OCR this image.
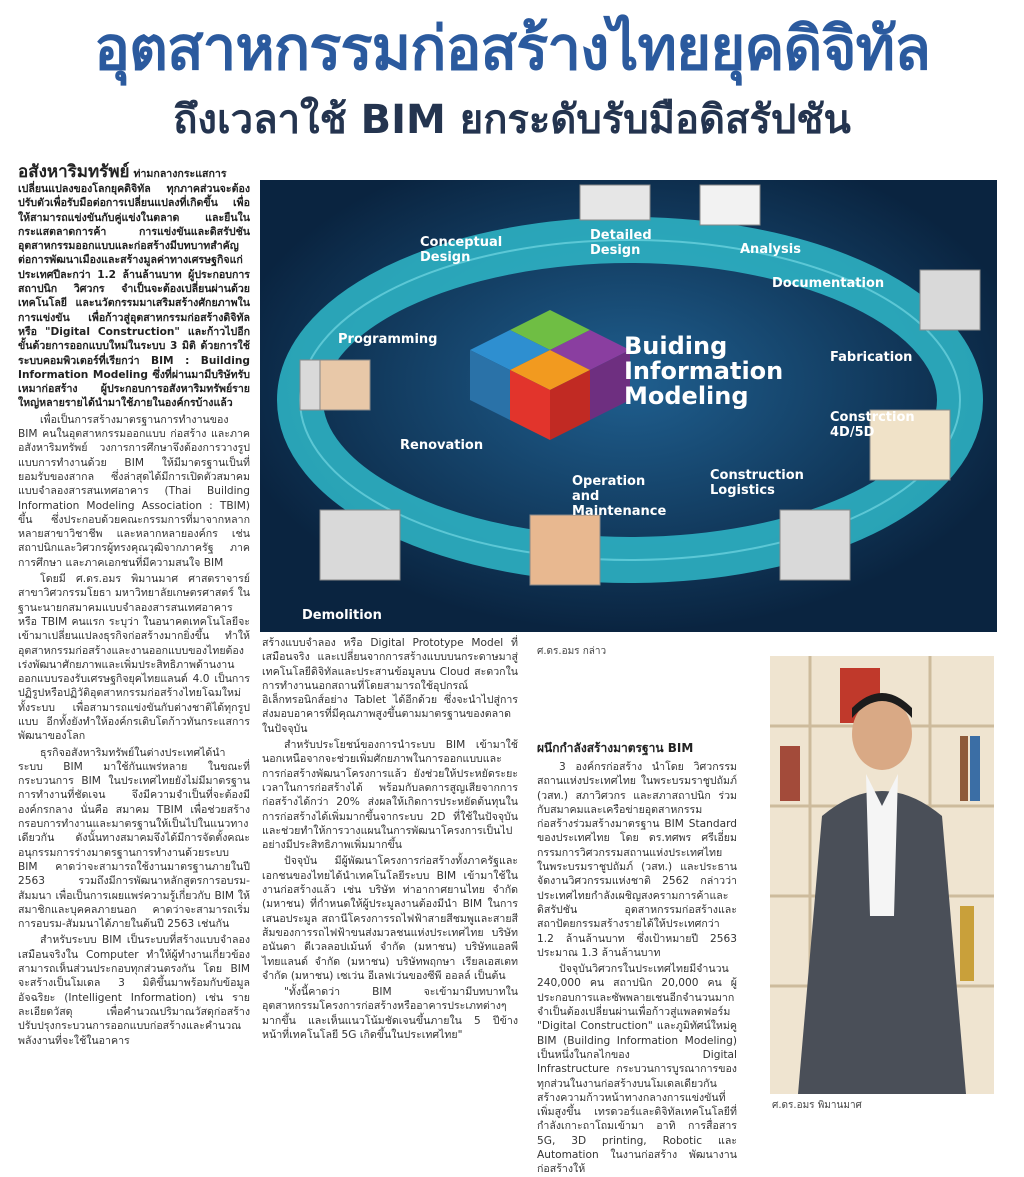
อุตสาหกรรมก่อสร้างไทยยุคดิจิทัล
ถึงเวลาใช้ BIM ยกระดับรับมือดิสรัปชัน

อสังหาริมทรัพย์ ท่ามกลางกระแสการเปลี่ยนแปลงของโลกยุคดิจิทัล ทุกภาคส่วนจะต้องปรับตัวเพื่อรับมือต่อการเปลี่ยนแปลงที่เกิดขึ้น เพื่อให้สามารถแข่งขันกับคู่แข่งในตลาด และยืนในกระแสตลาดการค้า การแข่งขันและดิสรัปชัน อุตสาหกรรมออกแบบและก่อสร้างมีบทบาทสำคัญต่อการพัฒนาเมืองและสร้างมูลค่าทางเศรษฐกิจแก่ประเทศปีละกว่า 1.2 ล้านล้านบาท ผู้ประกอบการ สถาปนิก วิศวกร จำเป็นจะต้องเปลี่ยนผ่านด้วยเทคโนโลยี และนวัตกรรมมาเสริมสร้างศักยภาพในการแข่งขัน เพื่อก้าวสู่อุตสาหกรรมก่อสร้างดิจิทัล หรือ "Digital Construction" และก้าวไปอีกขั้นด้วยการออกแบบใหม่ในระบบ 3 มิติ ด้วยการใช้ระบบคอมพิวเตอร์ที่เรียกว่า BIM : Building Information Modeling ซึ่งที่ผ่านมามีบริษัทรับเหมาก่อสร้าง ผู้ประกอบการอสังหาริมทรัพย์รายใหญ่หลายรายได้นำมาใช้ภายในองค์กรบ้างแล้ว

เพื่อเป็นการสร้างมาตรฐานการทำงานของ BIM คนในอุตสาหกรรมออกแบบ ก่อสร้าง และภาคอสังหาริมทรัพย์ วงการการศึกษาจึงต้องการวางรูปแบบการทำงานด้วย BIM ให้มีมาตรฐานเป็นที่ยอมรับของสากล ซึ่งล่าสุดได้มีการเปิดตัวสมาคมแบบจำลองสารสนเทศอาคาร (Thai Building Information Modeling Association : TBIM) ขึ้น ซึ่งประกอบด้วยคณะกรรมการที่มาจากหลากหลายสาขาวิชาชีพ และหลากหลายองค์กร เช่น สถาปนิกและวิศวกรผู้ทรงคุณวุฒิจากภาครัฐ ภาคการศึกษา และภาคเอกชนที่มีความสนใจ BIM

โดยมี ศ.ดร.อมร พิมานมาศ ศาสตราจารย์สาขาวิศวกรรมโยธา มหาวิทยาลัยเกษตรศาสตร์ ในฐานะนายกสมาคมแบบจำลองสารสนเทศอาคาร หรือ TBIM คนแรก ระบุว่า ในอนาคตเทคโนโลยีจะเข้ามาเปลี่ยนแปลงธุรกิจก่อสร้างมากยิ่งขึ้น ทำให้อุตสาหกรรมก่อสร้างและงานออกแบบของไทยต้องเร่งพัฒนาศักยภาพและเพิ่มประสิทธิภาพด้านงานออกแบบรองรับเศรษฐกิจยุคไทยแลนด์ 4.0 เป็นการปฏิรูปหรือปฏิวัติอุตสาหกรรมก่อสร้างไทยโฉมใหม่ทั้งระบบ เพื่อสามารถแข่งขันกับต่างชาติได้ทุกรูปแบบ อีกทั้งยังทำให้องค์กรเติบโตก้าวทันกระแสการพัฒนาของโลก

ธุรกิจอสังหาริมทรัพย์ในต่างประเทศได้นำระบบ BIM มาใช้กันแพร่หลาย ในขณะที่กระบวนการ BIM ในประเทศไทยยังไม่มีมาตรฐานการทำงานที่ชัดเจน จึงมีความจำเป็นที่จะต้องมีองค์กรกลาง นั่นคือ สมาคม TBIM เพื่อช่วยสร้างกรอบการทำงานและมาตรฐานให้เป็นไปในแนวทางเดียวกัน ดังนั้นทางสมาคมจึงได้มีการจัดตั้งคณะอนุกรรมการร่างมาตรฐานการทำงานด้วยระบบ BIM คาดว่าจะสามารถใช้งานมาตรฐานภายในปี 2563 รวมถึงมีการพัฒนาหลักสูตรการอบรม-สัมมนา เพื่อเป็นการเผยแพร่ความรู้เกี่ยวกับ BIM ให้สมาชิกและบุคคลภายนอก คาดว่าจะสามารถเริ่มการอบรม-สัมมนาได้ภายในต้นปี 2563 เช่นกัน

สำหรับระบบ BIM เป็นระบบที่สร้างแบบจำลองเสมือนจริงใน Computer ทำให้ผู้ทำงานเกี่ยวข้องสามารถเห็นส่วนประกอบทุกส่วนตรงกัน โดย BIM จะสร้างเป็นโมเดล 3 มิติขึ้นมาพร้อมกับข้อมูลอัจฉริยะ (Intelligent Information) เช่น รายละเอียดวัสดุ เพื่อคำนวณปริมาณวัสดุก่อสร้าง ปรับปรุงกระบวนการออกแบบก่อสร้างและคำนวณพลังงานที่จะใช้ในอาคาร

Buiding
Information
Modeling
Conceptual
Design
Detailed
Design	Analysis
Documentation
Fabrication
Constrction
4D/5D
Construction
Logistics
Operation
and
Maintenance
Renovation
Programming
Demolition

สร้างแบบจำลอง หรือ Digital Prototype Model ที่เสมือนจริง และเปลี่ยนจากการสร้างแบบบนกระดาษมาสู่เทคโนโลยีดิจิทัลและประสานข้อมูลบน Cloud สะดวกในการทำงานนอกสถานที่โดยสามารถใช้อุปกรณ์อิเล็กทรอนิกส์อย่าง Tablet ได้อีกด้วย ซึ่งจะนำไปสู่การส่งมอบอาคารที่มีคุณภาพสูงขึ้นตามมาตรฐานของตลาดในปัจจุบัน

สำหรับประโยชน์ของการนำระบบ BIM เข้ามาใช้นอกเหนือจากจะช่วยเพิ่มศักยภาพในการออกแบบและการก่อสร้างพัฒนาโครงการแล้ว ยังช่วยให้ประหยัดระยะเวลาในการก่อสร้างได้ พร้อมกับลดการสูญเสียจากการก่อสร้างได้กว่า 20% ส่งผลให้เกิดการประหยัดต้นทุนในการก่อสร้างได้เพิ่มมากขึ้นจากระบบ 2D ที่ใช้ในปัจจุบัน และช่วยทำให้การวางแผนในการพัฒนาโครงการเป็นไปอย่างมีประสิทธิภาพเพิ่มมากขึ้น

ปัจจุบัน มีผู้พัฒนาโครงการก่อสร้างทั้งภาครัฐและเอกชนของไทยได้นำเทคโนโลยีระบบ BIM เข้ามาใช้ในงานก่อสร้างแล้ว เช่น บริษัท ท่าอากาศยานไทย จำกัด (มหาชน) ที่กำหนดให้ผู้ประมูลงานต้องมีนำ BIM ในการเสนอประมูล สถานีโครงการรถไฟฟ้าสายสีชมพูและสายสีส้มของการรถไฟฟ้าขนส่งมวลชนแห่งประเทศไทย บริษัทอนันดา ดีเวลลอปเม้นท์ จำกัด (มหาชน) บริษัทแอลพี ไทยแลนด์ จำกัด (มหาชน) บริษัทพฤกษา เรียลเอสเตท จำกัด (มหาชน) เซเว่น อีเลฟเว่นของซีพี ออลล์ เป็นต้น

"ทั้งนี้คาดว่า BIM จะเข้ามามีบทบาทในอุตสาหกรรมโครงการก่อสร้างหรืออาคารประเภทต่างๆ มากขึ้น และเห็นแนวโน้มชัดเจนขึ้นภายใน 5 ปีข้างหน้าที่เทคโนโลยี 5G เกิดขึ้นในประเทศไทย"

ศ.ดร.อมร กล่าว
ผนึกกำลังสร้างมาตรฐาน BIM

3 องค์กรก่อสร้าง นำโดย วิศวกรรมสถานแห่งประเทศไทย ในพระบรมราชูปถัมภ์ (วสท.) สภาวิศวกร และสภาสถาปนิก ร่วมกับสมาคมและเครือข่ายอุตสาหกรรมก่อสร้างร่วมสร้างมาตรฐาน BIM Standard ของประเทศไทย โดย ดร.ทศพร ศรีเอี่ยม กรรมการวิศวกรรมสถานแห่งประเทศไทย ในพระบรมราชูปถัมภ์ (วสท.) และประธานจัดงานวิศวกรรมแห่งชาติ 2562 กล่าวว่า ประเทศไทยกำลังเผชิญสงครามการค้าและดิสรัปชัน อุตสาหกรรมก่อสร้างและสถาปัตยกรรมสร้างรายได้ให้ประเทศกว่า 1.2 ล้านล้านบาท ซึ่งเป้าหมายปี 2563 ประมาณ 1.3 ล้านล้านบาท

ปัจจุบันวิศวกรในประเทศไทยมีจำนวน 240,000 คน สถาปนิก 20,000 คน ผู้ประกอบการและซัพพลายเชนอีกจำนวนมาก จำเป็นต้องเปลี่ยนผ่านเพื่อก้าวสู่แพลตฟอร์ม "Digital Construction" และภูมิทัศน์ใหม่คู BIM (Building Information Modeling) เป็นหนึ่งในกลไกของ Digital Infrastructure กระบวนการบูรณาการของทุกส่วนในงานก่อสร้างบนโมเดลเดียวกัน สร้างความก้าวหน้าทางกลางการแข่งขันที่เพิ่มสูงขึ้น เทรดวอร์และดิจิทัลเทคโนโลยีที่กำลังเกาะถาโถมเข้ามา อาทิ การสื่อสาร 5G, 3D printing, Robotic และ Automation ในงานก่อสร้าง พัฒนางานก่อสร้างให้

ศ.ดร.อมร พิมานมาศ
